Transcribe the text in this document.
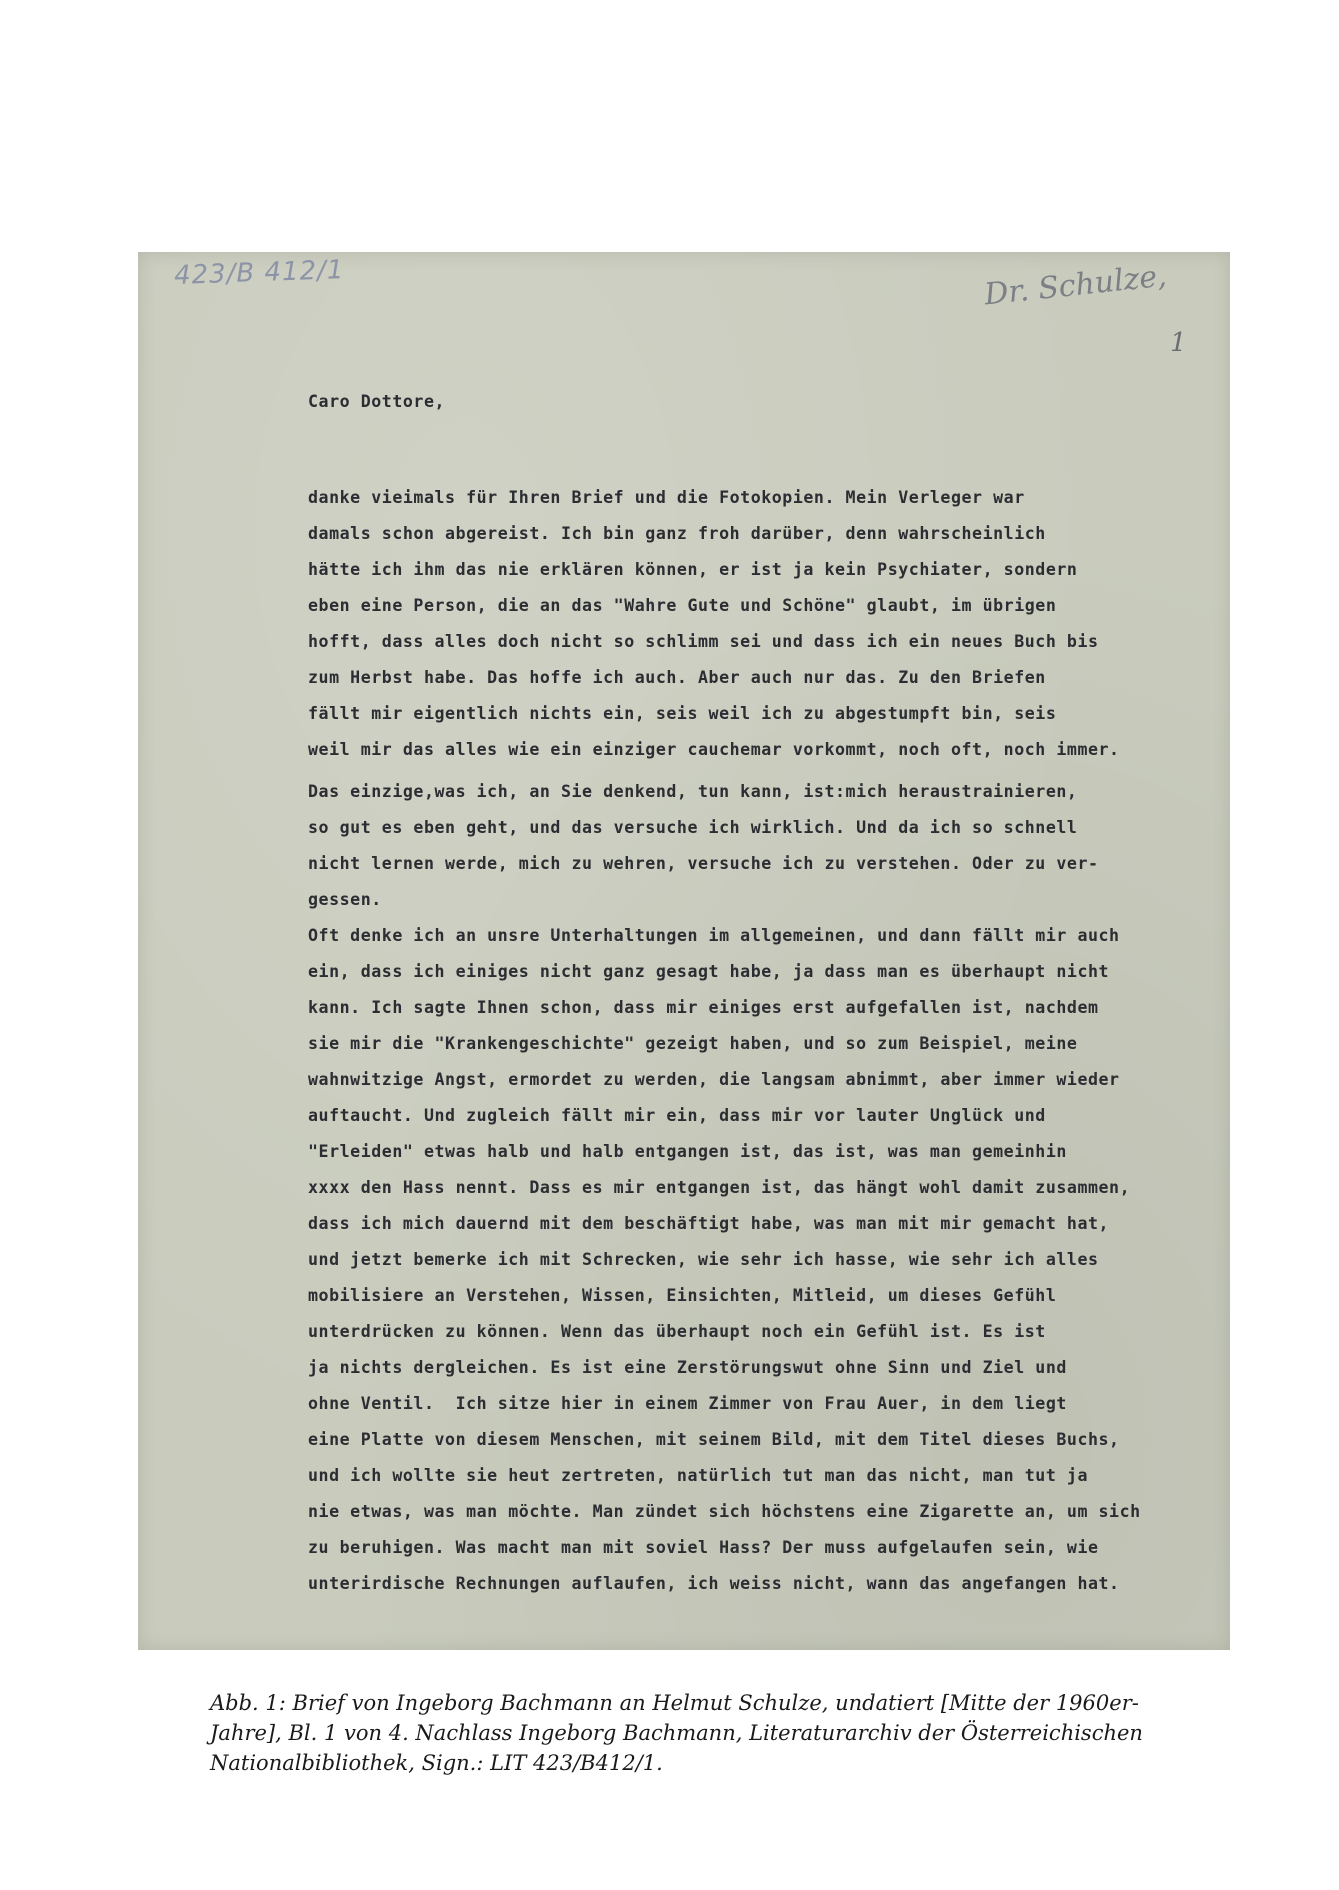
423/B 412/1	Dr. Schulze,
1
Caro Dottore,
danke vieimals für Ihren Brief und die Fotokopien. Mein Verleger war
damals schon abgereist. Ich bin ganz froh darüber, denn wahrscheinlich
hätte ich ihm das nie erklären können, er ist ja kein Psychiater, sondern
eben eine Person, die an das "Wahre Gute und Schöne" glaubt, im übrigen
hofft, dass alles doch nicht so schlimm sei und dass ich ein neues Buch bis
zum Herbst habe. Das hoffe ich auch. Aber auch nur das. Zu den Briefen
fällt mir eigentlich nichts ein, seis weil ich zu abgestumpft bin, seis
weil mir das alles wie ein einziger cauchemar vorkommt, noch oft, noch immer.
Das einzige,was ich, an Sie denkend, tun kann, ist:mich heraustrainieren,
so gut es eben geht, und das versuche ich wirklich. Und da ich so schnell
nicht lernen werde, mich zu wehren, versuche ich zu verstehen. Oder zu ver-
gessen.
Oft denke ich an unsre Unterhaltungen im allgemeinen, und dann fällt mir auch
ein, dass ich einiges nicht ganz gesagt habe, ja dass man es überhaupt nicht
kann. Ich sagte Ihnen schon, dass mir einiges erst aufgefallen ist, nachdem
sie mir die "Krankengeschichte" gezeigt haben, und so zum Beispiel, meine
wahnwitzige Angst, ermordet zu werden, die langsam abnimmt, aber immer wieder
auftaucht. Und zugleich fällt mir ein, dass mir vor lauter Unglück und
"Erleiden" etwas halb und halb entgangen ist, das ist, was man gemeinhin
xxxx den Hass nennt. Dass es mir entgangen ist, das hängt wohl damit zusammen,
dass ich mich dauernd mit dem beschäftigt habe, was man mit mir gemacht hat,
und jetzt bemerke ich mit Schrecken, wie sehr ich hasse, wie sehr ich alles
mobilisiere an Verstehen, Wissen, Einsichten, Mitleid, um dieses Gefühl
unterdrücken zu können. Wenn das überhaupt noch ein Gefühl ist. Es ist
ja nichts dergleichen. Es ist eine Zerstörungswut ohne Sinn und Ziel und
ohne Ventil.  Ich sitze hier in einem Zimmer von Frau Auer, in dem liegt
eine Platte von diesem Menschen, mit seinem Bild, mit dem Titel dieses Buchs,
und ich wollte sie heut zertreten, natürlich tut man das nicht, man tut ja
nie etwas, was man möchte. Man zündet sich höchstens eine Zigarette an, um sich
zu beruhigen. Was macht man mit soviel Hass? Der muss aufgelaufen sein, wie
unterirdische Rechnungen auflaufen, ich weiss nicht, wann das angefangen hat.
Abb. 1: Brief von Ingeborg Bachmann an Helmut Schulze, undatiert [Mitte der 1960er-
Jahre], Bl. 1 von 4. Nachlass Ingeborg Bachmann, Literaturarchiv der Österreichischen
Nationalbibliothek, Sign.: LIT 423/B412/1.
